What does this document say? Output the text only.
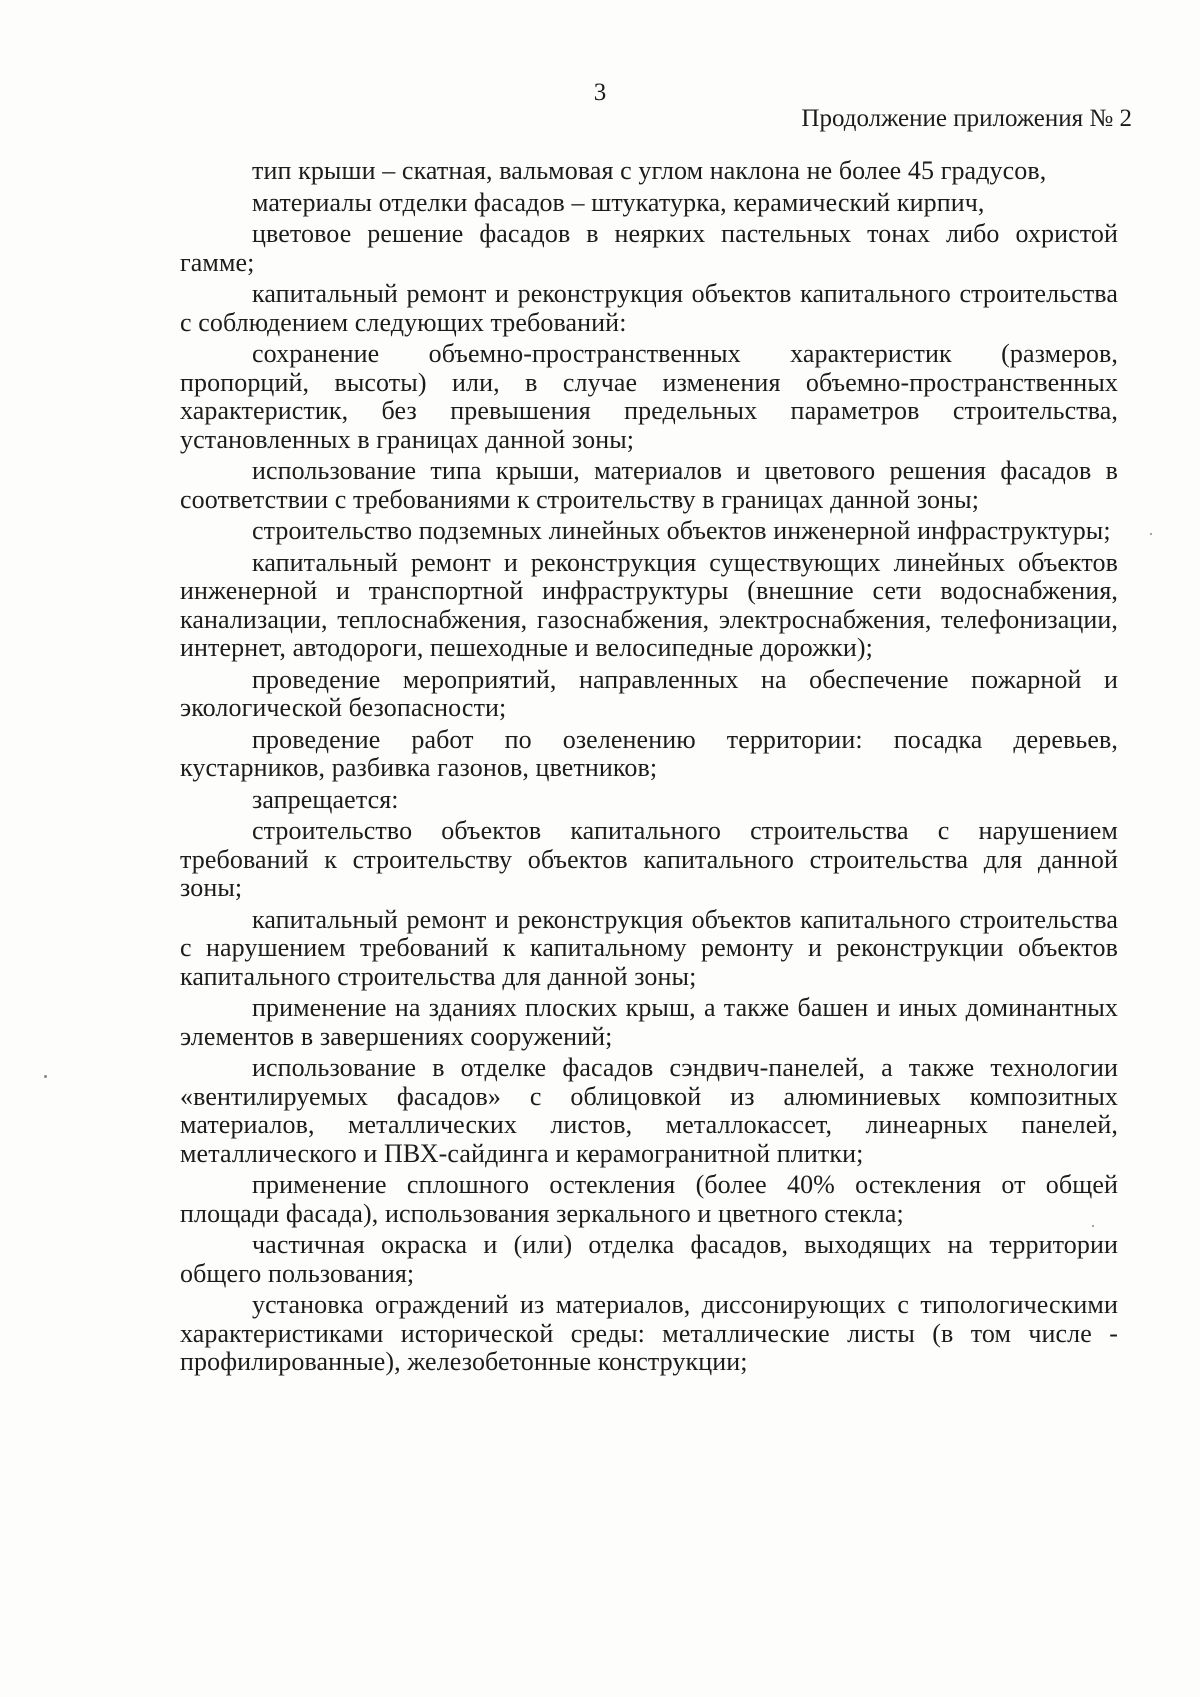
3
Продолжение приложения № 2

тип крыши – скатная, вальмовая с углом наклона не более 45 градусов,

материалы отделки фасадов – штукатурка, керамический кирпич,

цветовое решение фасадов в неярких пастельных тонах либо охристой гамме;

капитальный ремонт и реконструкция объектов капитального строительства с соблюдением следующих требований:

сохранение объемно-пространственных характеристик (размеров, пропорций, высоты) или, в случае изменения объемно-пространственных характеристик, без превышения предельных параметров строительства, установленных в границах данной зоны;

использование типа крыши, материалов и цветового решения фасадов в соответствии с требованиями к строительству в границах данной зоны;

строительство подземных линейных объектов инженерной инфраструктуры;

капитальный ремонт и реконструкция существующих линейных объектов инженерной и транспортной инфраструктуры (внешние сети водоснабжения, канализации, теплоснабжения, газоснабжения, электроснабжения, телефонизации, интернет, автодороги, пешеходные и велосипедные дорожки);

проведение мероприятий, направленных на обеспечение пожарной и экологической безопасности;

проведение работ по озеленению территории: посадка деревьев, кустарников, разбивка газонов, цветников;

запрещается:

строительство объектов капитального строительства с нарушением требований к строительству объектов капитального строительства для данной зоны;

капитальный ремонт и реконструкция объектов капитального строительства с нарушением требований к капитальному ремонту и реконструкции объектов капитального строительства для данной зоны;

применение на зданиях плоских крыш, а также башен и иных доминантных элементов в завершениях сооружений;

использование в отделке фасадов сэндвич-панелей, а также технологии «вентилируемых фасадов» с облицовкой из алюминиевых композитных материалов, металлических листов, металлокассет, линеарных панелей, металлического и ПВХ-сайдинга и керамогранитной плитки;

применение сплошного остекления (более 40% остекления от общей площади фасада), использования зеркального и цветного стекла;

частичная окраска и (или) отделка фасадов, выходящих на территории общего пользования;

установка ограждений из материалов, диссонирующих с типологическими характеристиками исторической среды: металлические листы (в том числе - профилированные), железобетонные конструкции;
